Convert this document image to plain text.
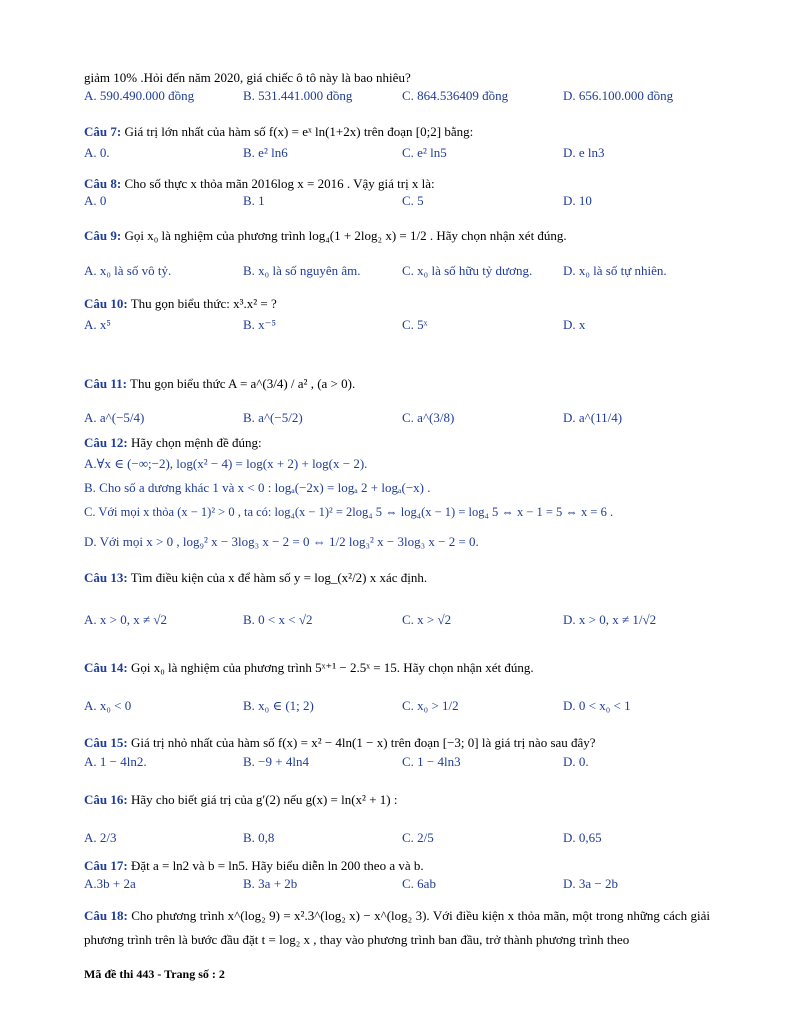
giảm 10% .Hỏi đến năm 2020, giá chiếc ô tô này là bao nhiêu?
A. 590.490.000 đồng	B. 531.441.000 đồng	C. 864.536409 đồng	D. 656.100.000 đồng
Câu 7: Giá trị lớn nhất của hàm số f(x) = eˣ ln(1+2x) trên đoạn [0;2] bằng:
A. 0.	B. e² ln6	C. e² ln5	D. e ln3
Câu 8: Cho số thực x thỏa mãn 2016log x = 2016 . Vậy giá trị x là:
A. 0	B. 1	C. 5	D. 10
Câu 9: Gọi x₀ là nghiệm của phương trình log₄(1 + 2log₂ x) = 1/2 . Hãy chọn nhận xét đúng.
A. x₀ là số vô tỷ.	B. x₀ là số nguyên âm.	C. x₀ là số hữu tỷ dương. D. x₀ là số tự nhiên.
Câu 10: Thu gọn biểu thức: x³.x² = ?
A. x⁵	B. x⁻⁵	C. 5ˣ	D. x
Câu 11: Thu gọn biểu thức A = a^(3/4) / a² , (a > 0).
A. a^(−5/4)	B. a^(−5/2)	C. a^(3/8)	D. a^(11/4)
Câu 12: Hãy chọn mệnh đề đúng:
A.∀x ∈ (−∞;−2), log(x² − 4) = log(x + 2) + log(x − 2).
B. Cho số a dương khác 1 và x < 0 : logₐ(−2x) = logₐ 2 + logₐ(−x) .
C. Với mọi x thỏa (x − 1)² > 0 , ta có: log₄(x − 1)² = 2log₄ 5 ⇔ log₄(x − 1) = log₄ 5 ⇔ x − 1 = 5 ⇔ x = 6 .
D. Với mọi x > 0 , log₉² x − 3log₃ x − 2 = 0 ⇔ 1/2 log₃² x − 3log₃ x − 2 = 0.
Câu 13: Tìm điều kiện của x để hàm số y = log_(x²/2) x xác định.
A. x > 0, x ≠ √2	B. 0 < x < √2	C. x > √2	D. x > 0, x ≠ 1/√2
Câu 14: Gọi x₀ là nghiệm của phương trình 5ˣ⁺¹ − 2.5ˣ = 15. Hãy chọn nhận xét đúng.
A. x₀ < 0	B. x₀ ∈ (1; 2)	C. x₀ > 1/2	D. 0 < x₀ < 1
Câu 15: Giá trị nhỏ nhất của hàm số f(x) = x² − 4ln(1 − x) trên đoạn [−3; 0] là giá trị nào sau đây?
A. 1 − 4ln2.	B. −9 + 4ln4	C. 1 − 4ln3	D. 0.
Câu 16: Hãy cho biết giá trị của g′(2) nếu g(x) = ln(x² + 1) :
A. 2/3	B. 0,8	C. 2/5	D. 0,65
Câu 17: Đặt a = ln2 và b = ln5. Hãy biểu diễn ln 200 theo a và b.
A.3b + 2a	B. 3a + 2b	C. 6ab	D. 3a − 2b
Câu 18: Cho phương trình x^(log₂ 9) = x².3^(log₂ x) − x^(log₂ 3). Với điều kiện x thỏa mãn, một trong những cách giải phương trình trên là bước đầu đặt t = log₂ x , thay vào phương trình ban đầu, trở thành phương trình theo
Mã đề thi 443 - Trang số : 2
